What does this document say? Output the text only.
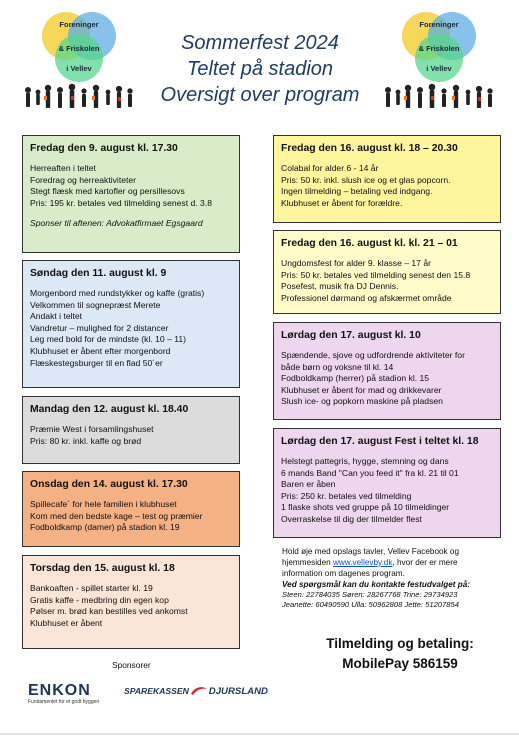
Sommerfest 2024
Teltet på stadion
Oversigt over program
Foreninger
& Friskolen
i Vellev
Foreninger
& Friskolen
i Vellev
Fredag den 9. august kl. 17.30
Herreaften i teltet
Foredrag og herreaktiviteter
Stegt flæsk med kartofler og persillesovs
Pris: 195 kr. betales ved tilmelding senest d. 3.8
Sponser til aftenen: Advokatfirmaet Egsgaard
Søndag den 11. august kl. 9
Morgenbord med rundstykker og kaffe (gratis)
Velkommen til sognepræst Merete
Andakt i teltet
Vandretur – mulighed for 2 distancer
Leg med bold for de mindste (kl. 10 – 11)
Klubhuset er åbent efter morgenbord
Flæskestegsburger til en flad 50´er
Mandag den 12. august kl. 18.40
Præmie West i forsamlingshuset
Pris: 80 kr. inkl. kaffe og brød
Onsdag den 14. august kl. 17.30
Spillecafe´ for hele familien i klubhuset
Kom med den bedste kage – test og præmier
Fodboldkamp (damer) på stadion kl. 19
Torsdag den 15. august kl. 18
Bankoaften - spillet starter kl. 19
Gratis kaffe - medbring din egen kop
Pølser m. brød kan bestilles ved ankomst
Klubhuset er åbent
Fredag den 16. august kl. 18 – 20.30
Colabal for alder 6 - 14 år
Pris: 50 kr. inkl. slush ice og et glas popcorn.
Ingen tilmelding – betaling ved indgang.
Klubhuset er åbent for forældre.
Fredag den 16. august kl. kl. 21 – 01
Ungdomsfest for alder 9. klasse – 17 år
Pris: 50 kr. betales ved tilmelding senest den 15.8
Posefest, musik fra DJ Dennis.
Professionel dørmand og afskærmet område
Lørdag den 17. august kl. 10
Spændende, sjove og udfordrende aktiviteter for
både børn og voksne til kl. 14
Fodboldkamp (herrer) på stadion kl. 15
Klubhuset er åbent for mad og drikkevarer
Slush ice- og popkorn maskine på pladsen
Lørdag den 17. august Fest i teltet kl. 18
Helstegt pattegris, hygge, stemning og dans
6 mands Band "Can you feed it" fra kl. 21 til 01
Baren er åben
Pris: 250 kr. betales ved tilmelding
1 flaske shots ved gruppe på 10 tilmeldinger
Overraskelse til dig der tilmelder flest
Hold øje med opslags tavler, Vellev Facebook og
hjemmesiden www.vellevby.dk, hvor der er mere
information om dagenes program.
Ved spørgsmål kan du kontakte festudvalget på:
Steen: 22784035 Søren: 28267768 Trine: 29734923
Jeanette: 60490590 Ulla: 50962808 Jette: 51207854
Tilmelding og betaling:
MobilePay 586159
Sponsorer
ENKON
Fundamentet for et godt byggeri
SPAREKASSEN DJURSLAND
